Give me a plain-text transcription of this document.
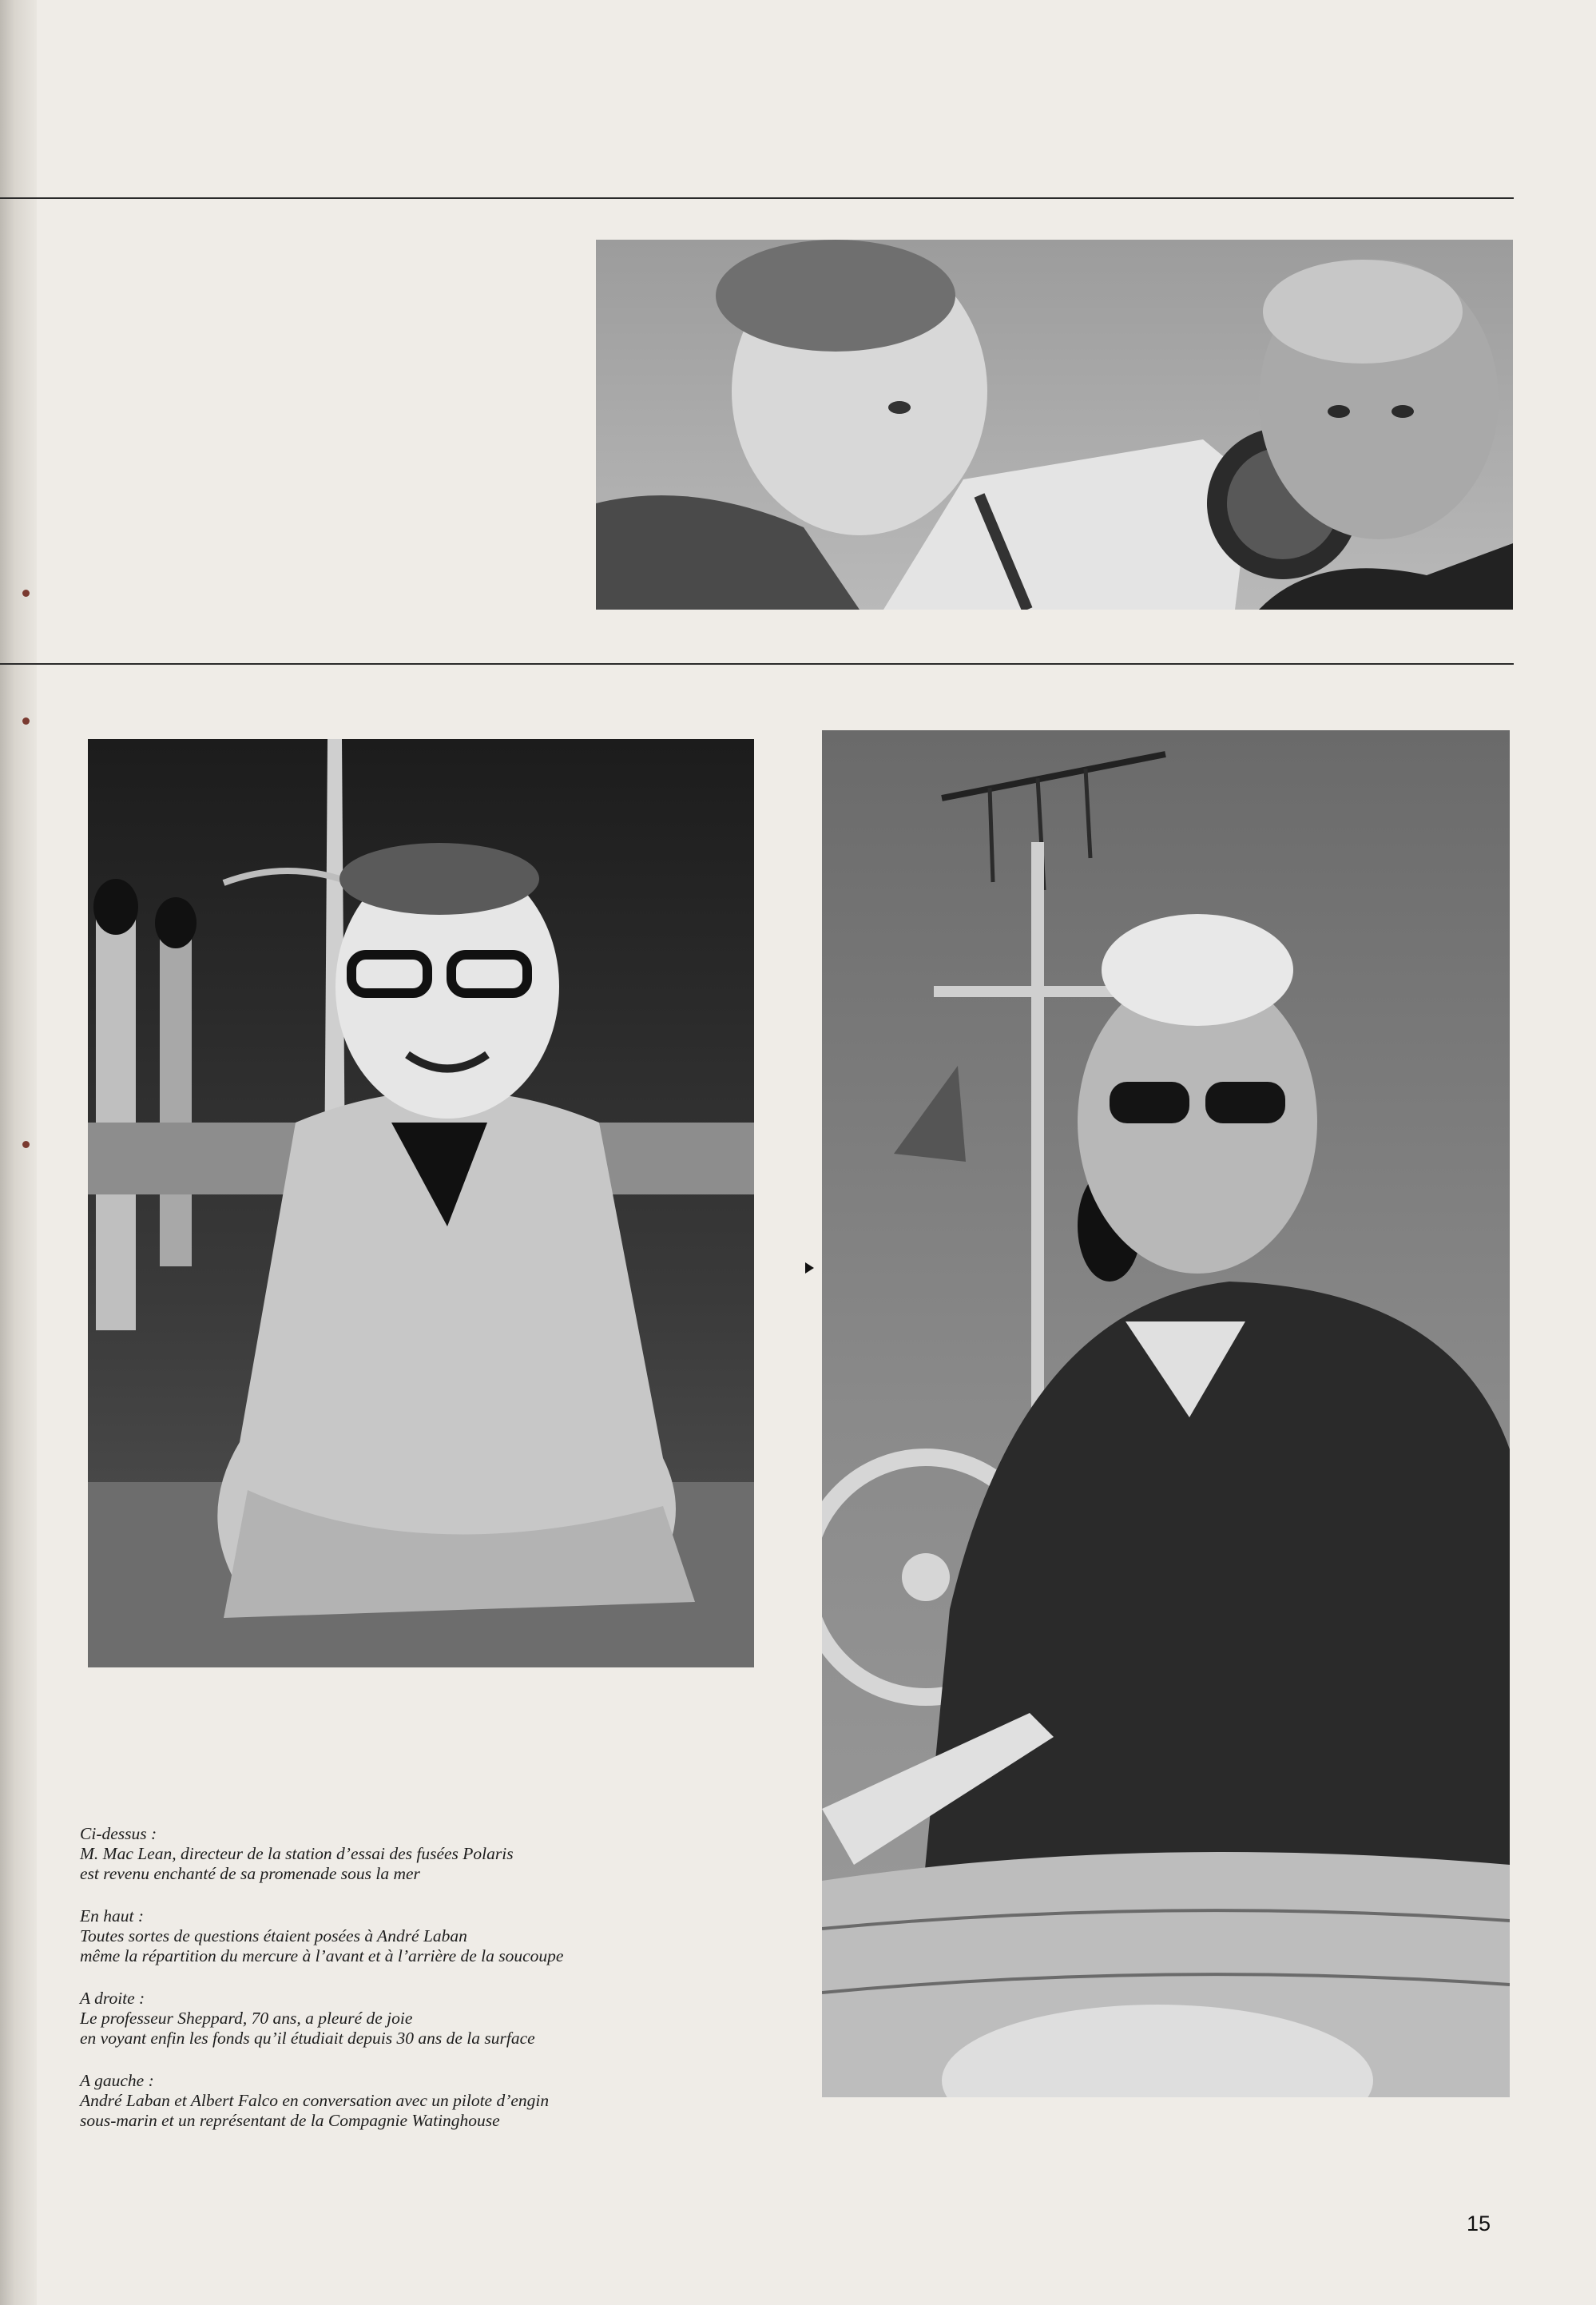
Ci-dessus :
M. Mac Lean, directeur de la station d’essai des fusées Polaris
est revenu enchanté de sa promenade sous la mer

En haut :
Toutes sortes de questions étaient posées à André Laban
même la répartition du mercure à l’avant et à l’arrière de la soucoupe

A droite :
Le professeur Sheppard, 70 ans, a pleuré de joie
en voyant enfin les fonds qu’il étudiait depuis 30 ans de la surface

A gauche :
André Laban et Albert Falco en conversation avec un pilote d’engin
sous-marin et un représentant de la Compagnie Watinghouse

15
